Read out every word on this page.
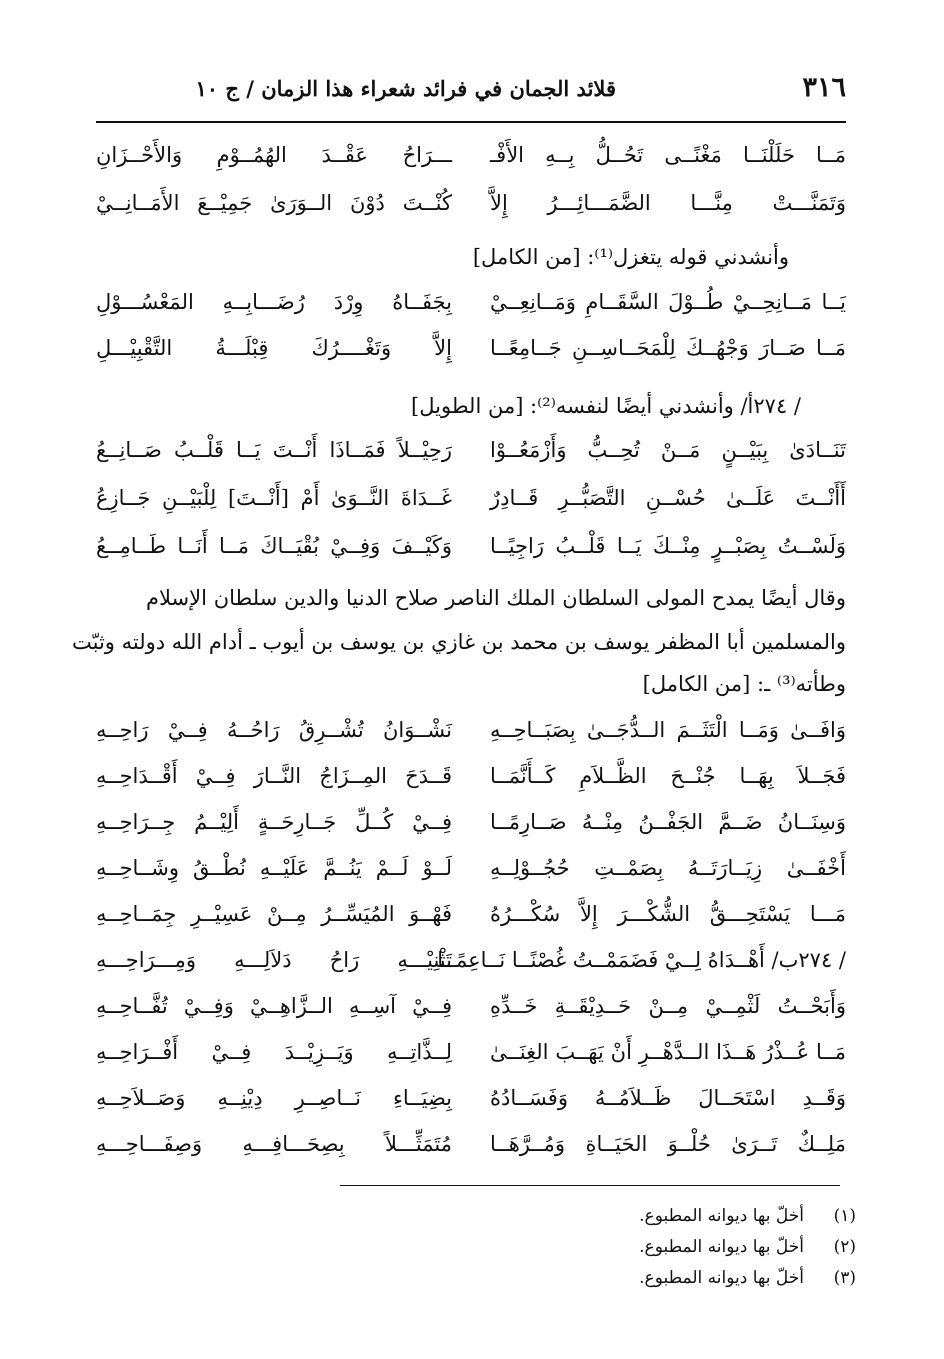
٣١٦
قلائد الجمان في فرائد شعراء هذا الزمان / ج ١٠
مَــا حَلَلْنَــا مَغْنًــى تَحُــلُّ بِــهِ الأَفْـ
ـــرَاحُ عَقْــدَ الهُمُــوْمِ وَالأَحْــزَانِ
وَتَمَنَّـــتْ مِنَّـــا الضَّمَـــائِـــرُ إِلاَّ
كُنْــتَ دُوْنَ الــوَرَىٰ جَمِيْــعَ الأَمَــانِــيْ
وأنشدني قوله يتغزل⁽¹⁾: [من الكامل]
يَــا مَــانِحِــيْ طُــوْلَ السَّقَــامِ وَمَــانِعِــيْ
بِجَفَــاهُ وِرْدَ رُضَـــابِــهِ المَعْسُـــوْلِ
مَــا صَــارَ وَجْهُــكَ لِلْمَحَــاسِــنِ جَــامِعًــا
إِلاَّ وَتَغْــــرُكَ قِبْلَـــةُ التَّقْبِيْـــلِ
/ ٢٧٤أ/ وأنشدني أيضًا لنفسه⁽²⁾: [من الطويل]
تَنَــادَىٰ بِبَيْــنٍ مَــنْ تُحِــبُّ وَأَزْمَعُــوْا
رَحِيْــلاً فَمَــاذَا أَنْــتَ يَــا قَلْــبُ صَــانِــعُ
أَأَنْــتَ عَلَــىٰ حُسْــنِ التَّصَبُّــرِ قَــادِرٌ
غَــدَاةَ النَّــوَىٰ أَمْ [أَنْــتَ] لِلْبَيْــنِ جَــازِعُ
وَلَسْــتُ بِصَبْــرٍ مِنْــكَ يَــا قَلْــبُ رَاجِيًــا
وَكَيْــفَ وَفِــيْ بُقْيَــاكَ مَــا أَنَــا طَــامِــعُ
وقال أيضًا يمدح المولى السلطان الملك الناصر صلاح الدنيا والدين سلطان الإسلام
والمسلمين أبا المظفر يوسف بن محمد بن غازي بن يوسف بن أيوب ـ أدام الله دولته وثبّت
وطأته⁽³⁾ ـ: [من الكامل]
وَافَــىٰ وَمَــا الْتَثَــمَ الــدُّجَــىٰ بِصَبَــاحِــهِ
نَشْــوَانُ تُشْــرِقُ رَاحُــهُ فِــيْ رَاحِــهِ
فَجَــلاَ بِهَــا جُنْــحَ الظَّــلاَمِ كَــأَنَّمَــا
قَــدَحَ المِــزَاجُ النَّــارَ فِــيْ أَقْــدَاحِــهِ
وَسِنَــانُ ضَــمَّ الجَفْــنُ مِنْــهُ صَــارِمًــا
فِــيْ كُــلِّ جَــارِحَــةٍ أَلِيْــمُ جِــرَاحِــهِ
أَخْفَــىٰ زِيَــارَتَــهُ بِصَمْــتِ حُجُــوْلِــهِ
لَــوْ لَــمْ يَنُــمَّ عَلَيْــهِ نُطْــقُ وِشَــاحِــهِ
مَـــا يَسْتَحِـــقُّ الشُّكْـــرَ إِلاَّ سُكْـــرُهُ
فَهْــوَ المُيَسِّــرُ مِــنْ عَسِيْــرِ جِمَــاحِــهِ
/ ٢٧٤ب/ أَهْــدَاهُ لِــيْ فَضَمَمْــتُ غُصْنًــا نَــاعِمًــا
تَثْنِيْـــهِ رَاحُ دَلاَلِـــهِ وَمِـــرَاحِـــهِ
وَأَبَحْــتُ لَثْمِــيْ مِــنْ حَــدِيْقَــةِ خَــدِّهِ
فِــيْ آسِــهِ الــزَّاهِــيْ وَفِــيْ تُفَّــاحِــهِ
مَــا عُــذْرُ هَــذَا الــدَّهْــرِ أَنْ يَهَــبَ الغِنَــىٰ
لِــذَّاتِــهِ وَيَــزِيْــدَ فِــيْ أَفْــرَاحِــهِ
وَقَــدِ اسْتَحَــالَ ظَــلاَمُــهُ وَفَسَــادُهُ
بِضِيَــاءِ نَــاصِــرِ دِيْنِــهِ وَصَــلاَحِــهِ
مَلِــكٌ تَــرَىٰ حُلْــوَ الحَيَــاةِ وَمُــرَّهَــا
مُتَمَثِّـــلاً بِصِحَـــافِـــهِ وَصِفَـــاحِـــهِ
(١)أخلّ بها ديوانه المطبوع.
(٢)أخلّ بها ديوانه المطبوع.
(٣)أخلّ بها ديوانه المطبوع.
